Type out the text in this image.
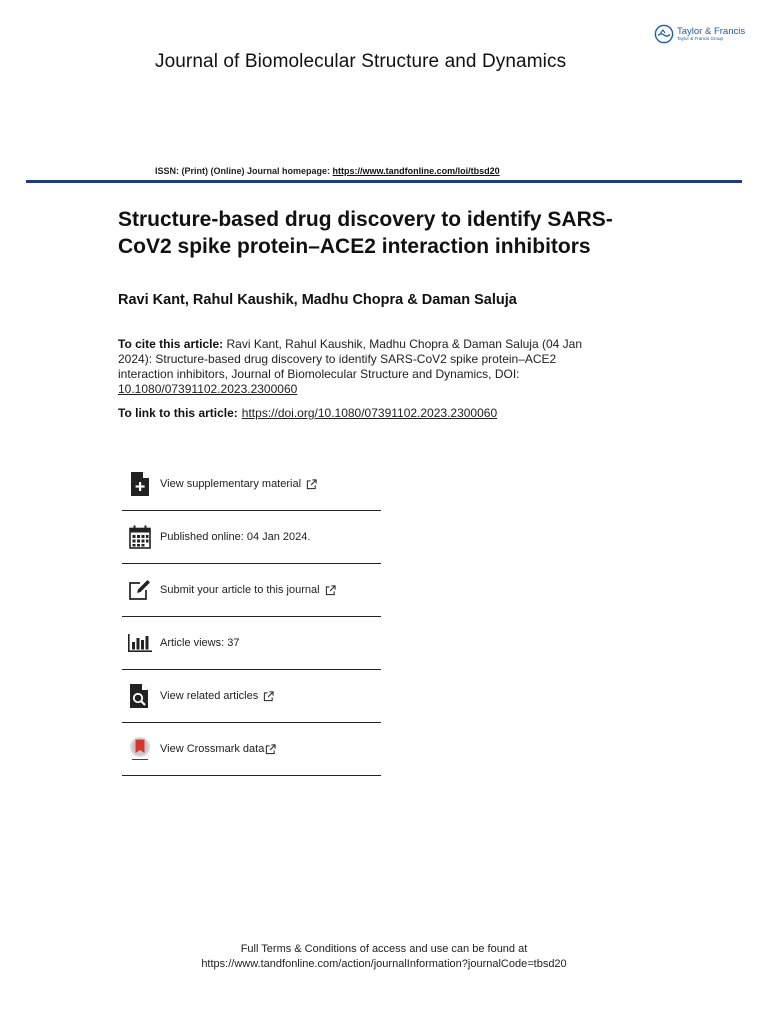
Journal of Biomolecular Structure and Dynamics
Taylor & Francis
Taylor & Francis Group
ISSN: (Print) (Online) Journal homepage: https://www.tandfonline.com/loi/tbsd20
Structure-based drug discovery to identify SARS-CoV2 spike protein–ACE2 interaction inhibitors
Ravi Kant, Rahul Kaushik, Madhu Chopra & Daman Saluja
To cite this article: Ravi Kant, Rahul Kaushik, Madhu Chopra & Daman Saluja (04 Jan 2024): Structure-based drug discovery to identify SARS-CoV2 spike protein–ACE2 interaction inhibitors, Journal of Biomolecular Structure and Dynamics, DOI: 10.1080/07391102.2023.2300060
To link to this article: https://doi.org/10.1080/07391102.2023.2300060
View supplementary material
Published online: 04 Jan 2024.
Submit your article to this journal
Article views: 37
View related articles
View Crossmark data
Full Terms & Conditions of access and use can be found at
https://www.tandfonline.com/action/journalInformation?journalCode=tbsd20
